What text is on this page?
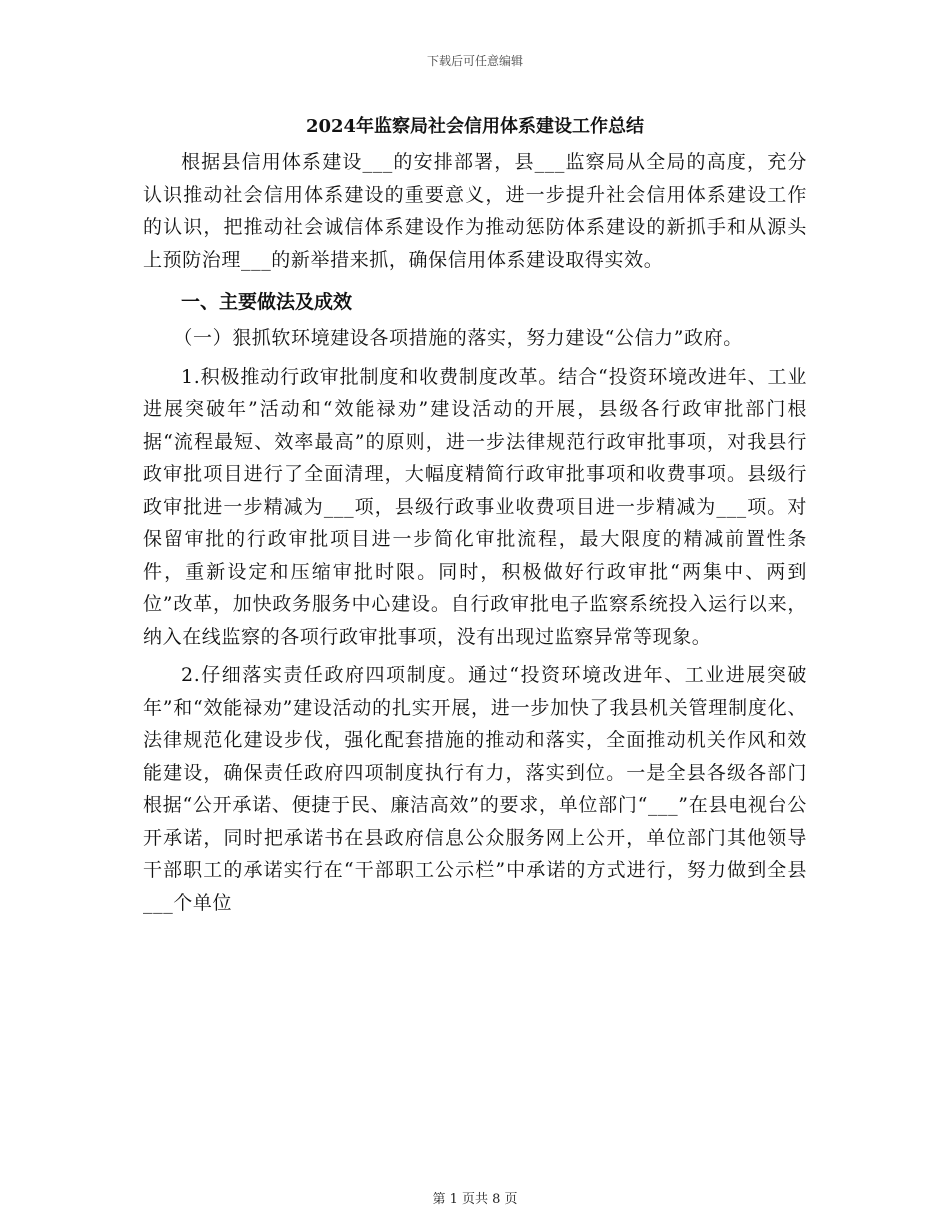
下载后可任意编辑
2024年监察局社会信用体系建设工作总结

根据县信用体系建设___的安排部署，县___监察局从全局的高度，充分认识推动社会信用体系建设的重要意义，进一步提升社会信用体系建设工作的认识，把推动社会诚信体系建设作为推动惩防体系建设的新抓手和从源头上预防治理___的新举措来抓，确保信用体系建设取得实效。

一、主要做法及成效

（一）狠抓软环境建设各项措施的落实，努力建设“公信力”政府。

1.积极推动行政审批制度和收费制度改革。结合“投资环境改进年、工业进展突破年”活动和“效能禄劝”建设活动的开展，县级各行政审批部门根据“流程最短、效率最高”的原则，进一步法律规范行政审批事项，对我县行政审批项目进行了全面清理，大幅度精简行政审批事项和收费事项。县级行政审批进一步精减为___项，县级行政事业收费项目进一步精减为___项。对保留审批的行政审批项目进一步简化审批流程，最大限度的精减前置性条件，重新设定和压缩审批时限。同时，积极做好行政审批“两集中、两到位”改革，加快政务服务中心建设。自行政审批电子监察系统投入运行以来，纳入在线监察的各项行政审批事项，没有出现过监察异常等现象。

2.仔细落实责任政府四项制度。通过“投资环境改进年、工业进展突破年”和“效能禄劝”建设活动的扎实开展，进一步加快了我县机关管理制度化、法律规范化建设步伐，强化配套措施的推动和落实，全面推动机关作风和效能建设，确保责任政府四项制度执行有力，落实到位。一是全县各级各部门根据“公开承诺、便捷于民、廉洁高效”的要求，单位部门“___”在县电视台公开承诺，同时把承诺书在县政府信息公众服务网上公开，单位部门其他领导干部职工的承诺实行在“干部职工公示栏”中承诺的方式进行，努力做到全县___个单位

第 1 页共 8 页
